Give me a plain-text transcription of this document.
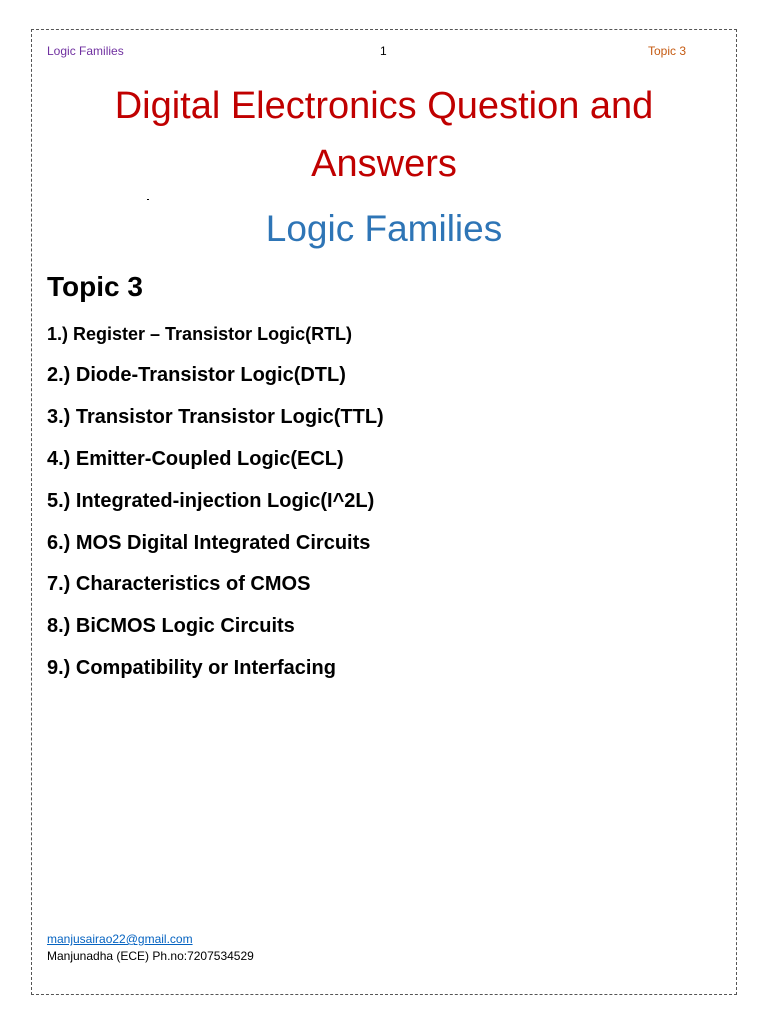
Logic Families	1	Topic 3
Digital Electronics Question and
Answers
Logic Families
Topic 3
1.) Register – Transistor Logic(RTL)
2.) Diode-Transistor Logic(DTL)
3.) Transistor Transistor Logic(TTL)
4.) Emitter-Coupled Logic(ECL)
5.) Integrated-injection Logic(I^2L)
6.) MOS Digital Integrated Circuits
7.) Characteristics of CMOS
8.) BiCMOS Logic Circuits
9.) Compatibility or Interfacing
manjusairao22@gmail.com
Manjunadha (ECE) Ph.no:7207534529
